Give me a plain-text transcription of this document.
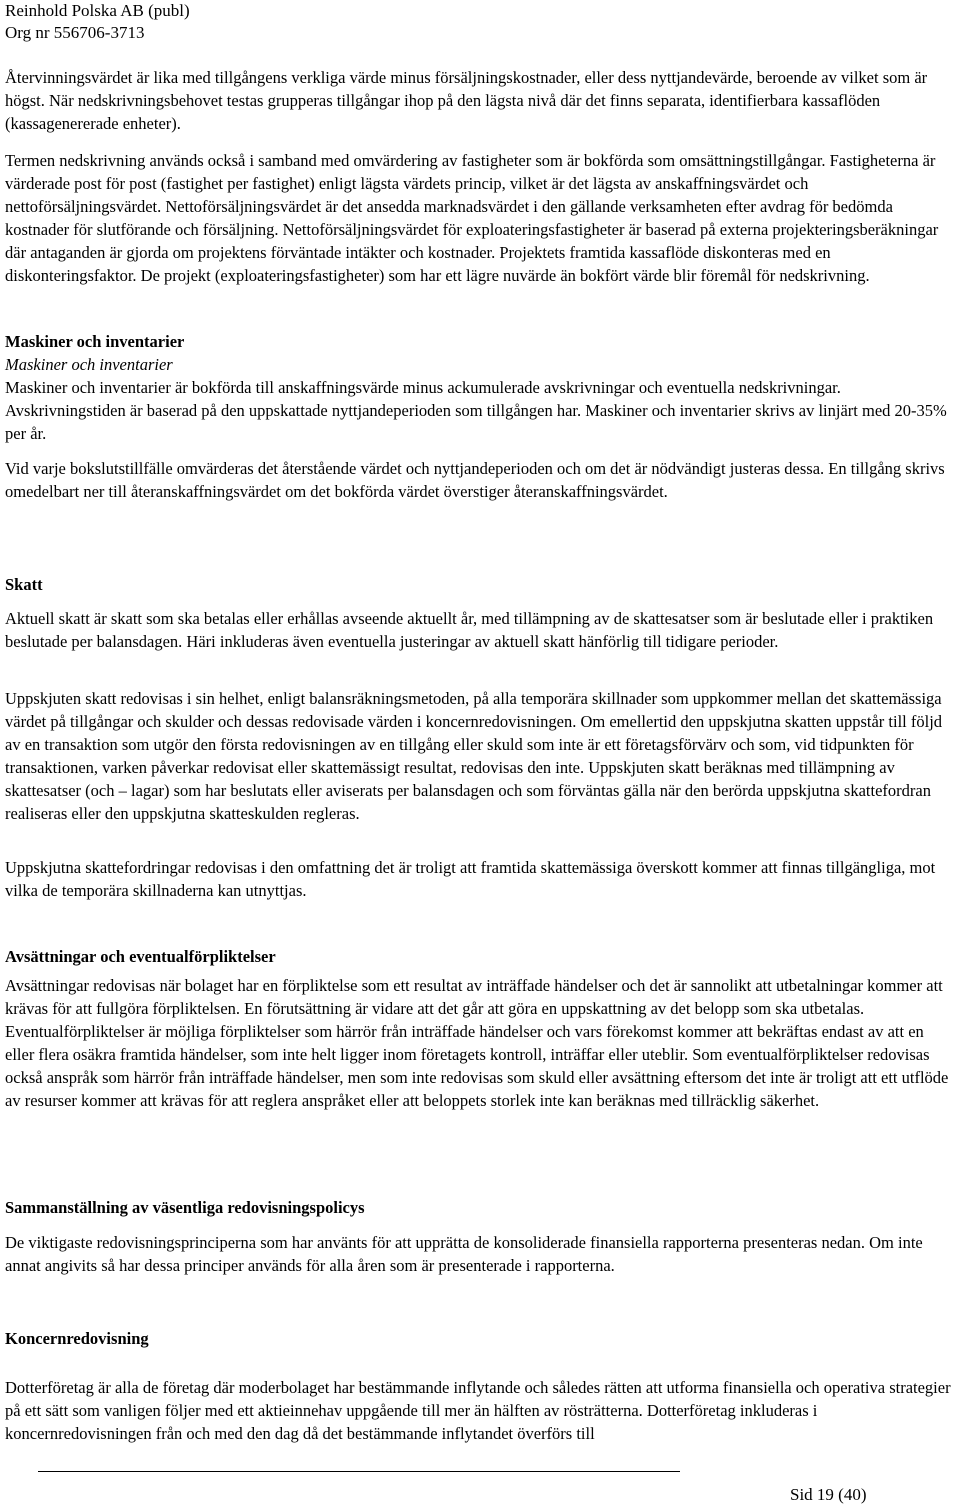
Reinhold Polska AB (publ)
Org nr 556706-3713

Återvinningsvärdet är lika med tillgångens verkliga värde minus försäljningskostnader, eller dess nyttjandevärde, beroende av vilket som är högst. När nedskrivningsbehovet testas grupperas tillgångar ihop på den lägsta nivå där det finns separata, identifierbara kassaflöden (kassagenererade enheter).

Termen nedskrivning används också i samband med omvärdering av fastigheter som är bokförda som omsättningstillgångar. Fastigheterna är värderade post för post (fastighet per fastighet) enligt lägsta värdets princip, vilket är det lägsta av anskaffningsvärdet och nettoförsäljningsvärdet. Nettoförsäljningsvärdet är det ansedda marknadsvärdet i den gällande verksamheten efter avdrag för bedömda kostnader för slutförande och försäljning. Nettoförsäljningsvärdet för exploateringsfastigheter är baserad på externa projekteringsberäkningar där antaganden är gjorda om projektens förväntade intäkter och kostnader. Projektets framtida kassaflöde diskonteras med en diskonteringsfaktor. De projekt (exploateringsfastigheter) som har ett lägre nuvärde än bokfört värde blir föremål för nedskrivning.

Maskiner och inventarier
Maskiner och inventarier

Maskiner och inventarier är bokförda till anskaffningsvärde minus ackumulerade avskrivningar och eventuella nedskrivningar. Avskrivningstiden är baserad på den uppskattade nyttjandeperioden som tillgången har. Maskiner och inventarier skrivs av linjärt med 20-35% per år.

Vid varje bokslutstillfälle omvärderas det återstående värdet och nyttjandeperioden och om det är nödvändigt justeras dessa. En tillgång skrivs omedelbart ner till återanskaffningsvärdet om det bokförda värdet överstiger återanskaffningsvärdet.

Skatt

Aktuell skatt är skatt som ska betalas eller erhållas avseende aktuellt år, med tillämpning av de skattesatser som är beslutade eller i praktiken beslutade per balansdagen. Häri inkluderas även eventuella justeringar av aktuell skatt hänförlig till tidigare perioder.

Uppskjuten skatt redovisas i sin helhet, enligt balansräkningsmetoden, på alla temporära skillnader som uppkommer mellan det skattemässiga värdet på tillgångar och skulder och dessas redovisade värden i koncernredovisningen. Om emellertid den uppskjutna skatten uppstår till följd av en transaktion som utgör den första redovisningen av en tillgång eller skuld som inte är ett företagsförvärv och som, vid tidpunkten för transaktionen, varken påverkar redovisat eller skattemässigt resultat, redovisas den inte. Uppskjuten skatt beräknas med tillämpning av skattesatser (och – lagar) som har beslutats eller aviserats per balansdagen och som förväntas gälla när den berörda uppskjutna skattefordran realiseras eller den uppskjutna skatteskulden regleras.

Uppskjutna skattefordringar redovisas i den omfattning det är troligt att framtida skattemässiga överskott kommer att finnas tillgängliga, mot vilka de temporära skillnaderna kan utnyttjas.

Avsättningar och eventualförpliktelser

Avsättningar redovisas när bolaget har en förpliktelse som ett resultat av inträffade händelser och det är sannolikt att utbetalningar kommer att krävas för att fullgöra förpliktelsen. En förutsättning är vidare att det går att göra en uppskattning av det belopp som ska utbetalas. Eventualförpliktelser är möjliga förpliktelser som härrör från inträffade händelser och vars förekomst kommer att bekräftas endast av att en eller flera osäkra framtida händelser, som inte helt ligger inom företagets kontroll, inträffar eller uteblir. Som eventualförpliktelser redovisas också anspråk som härrör från inträffade händelser, men som inte redovisas som skuld eller avsättning eftersom det inte är troligt att ett utflöde av resurser kommer att krävas för att reglera anspråket eller att beloppets storlek inte kan beräknas med tillräcklig säkerhet.

Sammanställning av väsentliga redovisningspolicys

De viktigaste redovisningsprinciperna som har använts för att upprätta de konsoliderade finansiella rapporterna presenteras nedan. Om inte annat angivits så har dessa principer används för alla åren som är presenterade i rapporterna.

Koncernredovisning

Dotterföretag är alla de företag där moderbolaget har bestämmande inflytande och således rätten att utforma finansiella och operativa strategier på ett sätt som vanligen följer med ett aktieinnehav uppgående till mer än hälften av rösträtterna. Dotterföretag inkluderas i koncernredovisningen från och med den dag då det bestämmande inflytandet överförs till

Sid 19 (40)
